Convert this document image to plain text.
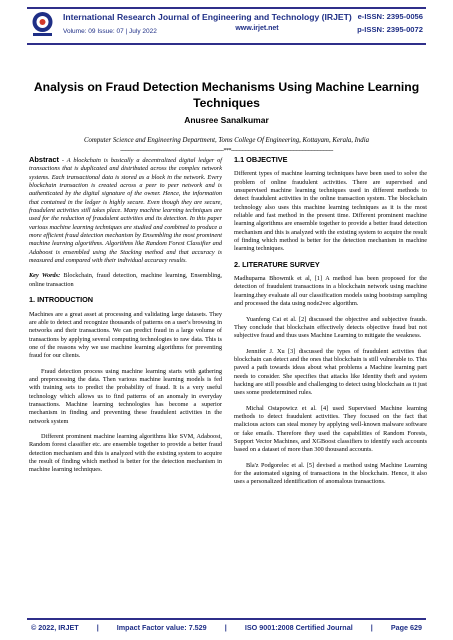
International Research Journal of Engineering and Technology (IRJET) e-ISSN: 2395-0056
Volume: 09 Issue: 07 | July 2022	www.irjet.net	p-ISSN: 2395-0072
Analysis on Fraud Detection Mechanisms Using Machine Learning Techniques
Anusree Sanalkumar
Computer Science and Engineering Department, Toms College Of Engineering, Kottayam, Kerala, India
---------------------------------------------------------------------***--------------------------------------------------------------------

Abstract - A blockchain is basically a decentralized digital ledger of transactions that is duplicated and distributed across the complex network systems. Each transactional data is stored as a block in the network. Every blockchain transaction is created across a peer to peer network and is authenticated by the digital signature of the owner. Hence, the information that contained in the ledger is highly secure. Even though they are secure, fraudulent activities still takes place. Many machine learning techniques are used for the reduction of fraudulent activities and its detection. In this paper various machine learning techniques are studied and combined to produce a more efficient fraud detection mechanism by Ensembling the most prominent machine learning algorithms. Algorithms like Random Forest Classifier and Adaboost is ensembled using the Stacking method and that accuracy is measured and compared with their individual accuracy results.

Key Words: Blockchain, fraud detection, machine learning, Ensembling, online transaction

1. INTRODUCTION

Machines are a great asset at processing and validating large datasets. They are able to detect and recognize thousands of patterns on a user's browsing in networks and their transactions. We can predict fraud in a large volume of transactions by applying several computing technologies to raw data. This is one of the reasons why we use machine learning algorithms for preventing fraud for our clients.

Fraud detection process using machine learning starts with gathering and preprocessing the data. Then various machine learning models is fed with training sets to predict the probability of fraud. It is a very useful technology which allows us to find patterns of an anomaly in everyday transactions. Machine learning technologies has become a superior mechanism in finding and preventing these fraudulent activities in the network system

Different prominent machine learning algorithms like SVM, Adaboost, Random forest classifier etc. are ensemble together to provide a better fraud detection mechanism and this is analyzed with the existing system to acquire the result of finding which method is better for the detection mechanism in machine learning techniques.

1.1 OBJECTIVE

Different types of machine learning techniques have been used to solve the problem of online fraudulent activities. There are supervised and unsupervised machine learning techniques used in different methods to detect fraudulent activities in the online transaction system. The blockchain technology also uses this machine learning techniques as it is the most reliable and fast method in the present time. Different prominent machine learning algorithms are ensemble together to provide a better fraud detection mechanism and this is analyzed with the existing system to acquire the result of finding which method is better for the detection mechanism in machine learning techniques.

2. LITERATURE SURVEY

Madhuparna Bhowmik et al, [1] A method has been proposed for the detection of fraudulent transactions in a blockchain network using machine learning.they evaluate all our classification models using bootstrap sampling and processed the data using node2vec algorithm.

Yuanfeng Cai et al. [2] discussed the objective and subjective frauds. They conclude that blockchain effectively detects objective fraud but not subjective fraud and thus uses Machine Learning to mitigate the weakness.

Jennifer J. Xu [3] discussed the types of fraudulent activities that blockchain can detect and the ones that blockchain is still vulnerable to. This paved a path towards ideas about what problems a Machine learning part needs to consider. She specifies that attacks like Identity theft and system hacking are still possible and challenging to detect using blockchain as it just uses some predetermined rules.

Michal Ostapowicz et al. [4] used Supervised Machine learning methods to detect fraudulent activities. They focused on the fact that malicious actors can steal money by applying well-known malware software or fake emails. Therefore they used the capabilities of Random Forests, Support Vector Machines, and XGBoost classifiers to identify such accounts based on a dataset of more than 300 thousand accounts.

Bla'z Podgorelec et al. [5] devised a method using Machine Learning for the automated signing of transactions in the blockchain. Hence, it also uses a personalized identification of anomalous transactions.

© 2022, IRJET	|	Impact Factor value: 7.529	|	ISO 9001:2008 Certified Journal	|	Page 629
